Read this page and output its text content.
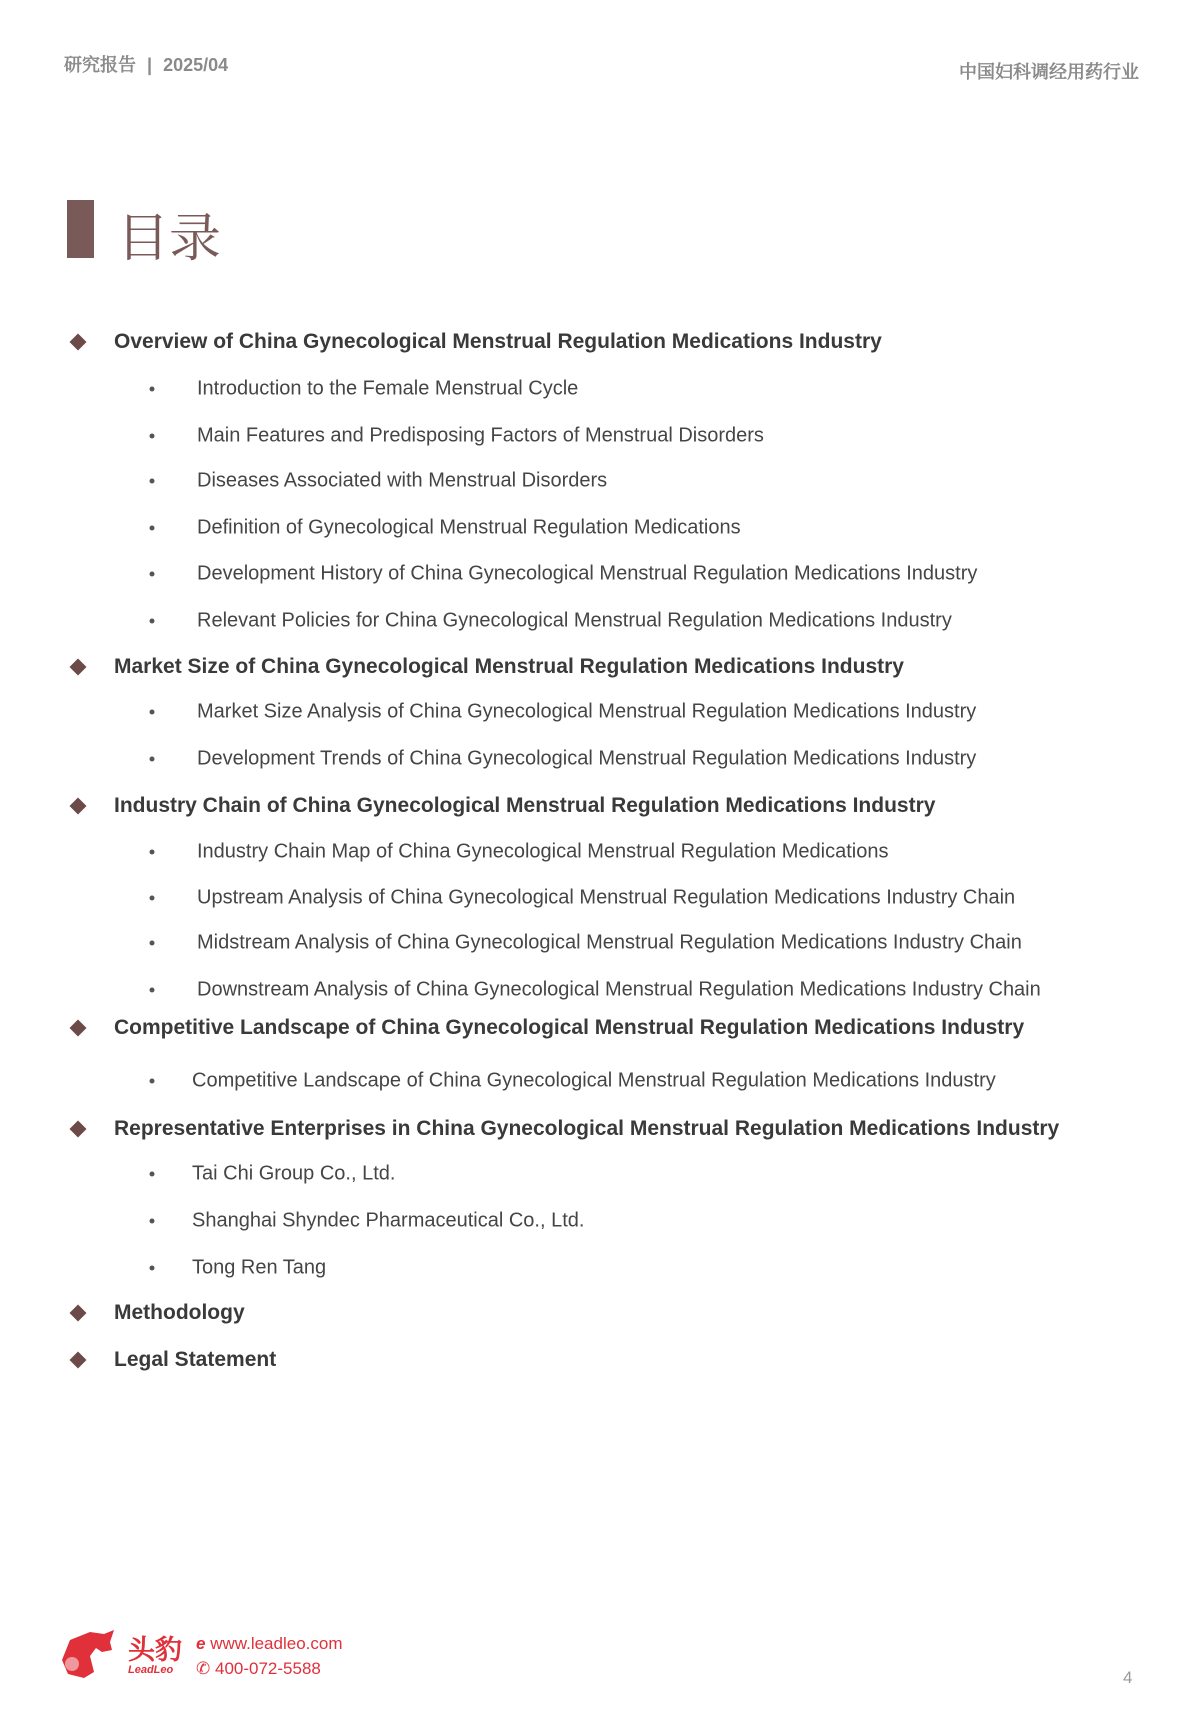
研究报告 | 2025/04	中国妇科调经用药行业
目录
Overview of China Gynecological Menstrual Regulation Medications Industry
Introduction to the Female Menstrual Cycle
Main Features and Predisposing Factors of Menstrual Disorders
Diseases Associated with Menstrual Disorders
Definition of Gynecological Menstrual Regulation Medications
Development History of China Gynecological Menstrual Regulation Medications Industry
Relevant Policies for China Gynecological Menstrual Regulation Medications Industry
Market Size of China Gynecological Menstrual Regulation Medications Industry
Market Size Analysis of China Gynecological Menstrual Regulation Medications Industry
Development Trends of China Gynecological Menstrual Regulation Medications Industry
Industry Chain of China Gynecological Menstrual Regulation Medications Industry
Industry Chain Map of China Gynecological Menstrual Regulation Medications
Upstream Analysis of China Gynecological Menstrual Regulation Medications Industry Chain
Midstream Analysis of China Gynecological Menstrual Regulation Medications Industry Chain
Downstream Analysis of China Gynecological Menstrual Regulation Medications Industry Chain
Competitive Landscape of China Gynecological Menstrual Regulation Medications Industry
Competitive Landscape of China Gynecological Menstrual Regulation Medications Industry
Representative Enterprises in China Gynecological Menstrual Regulation Medications Industry
Tai Chi Group Co., Ltd.
Shanghai Shyndec Pharmaceutical Co., Ltd.
Tong Ren Tang
Methodology
Legal Statement
头豹
LeadLeo
e www.leadleo.com
✆ 400-072-5588	4
